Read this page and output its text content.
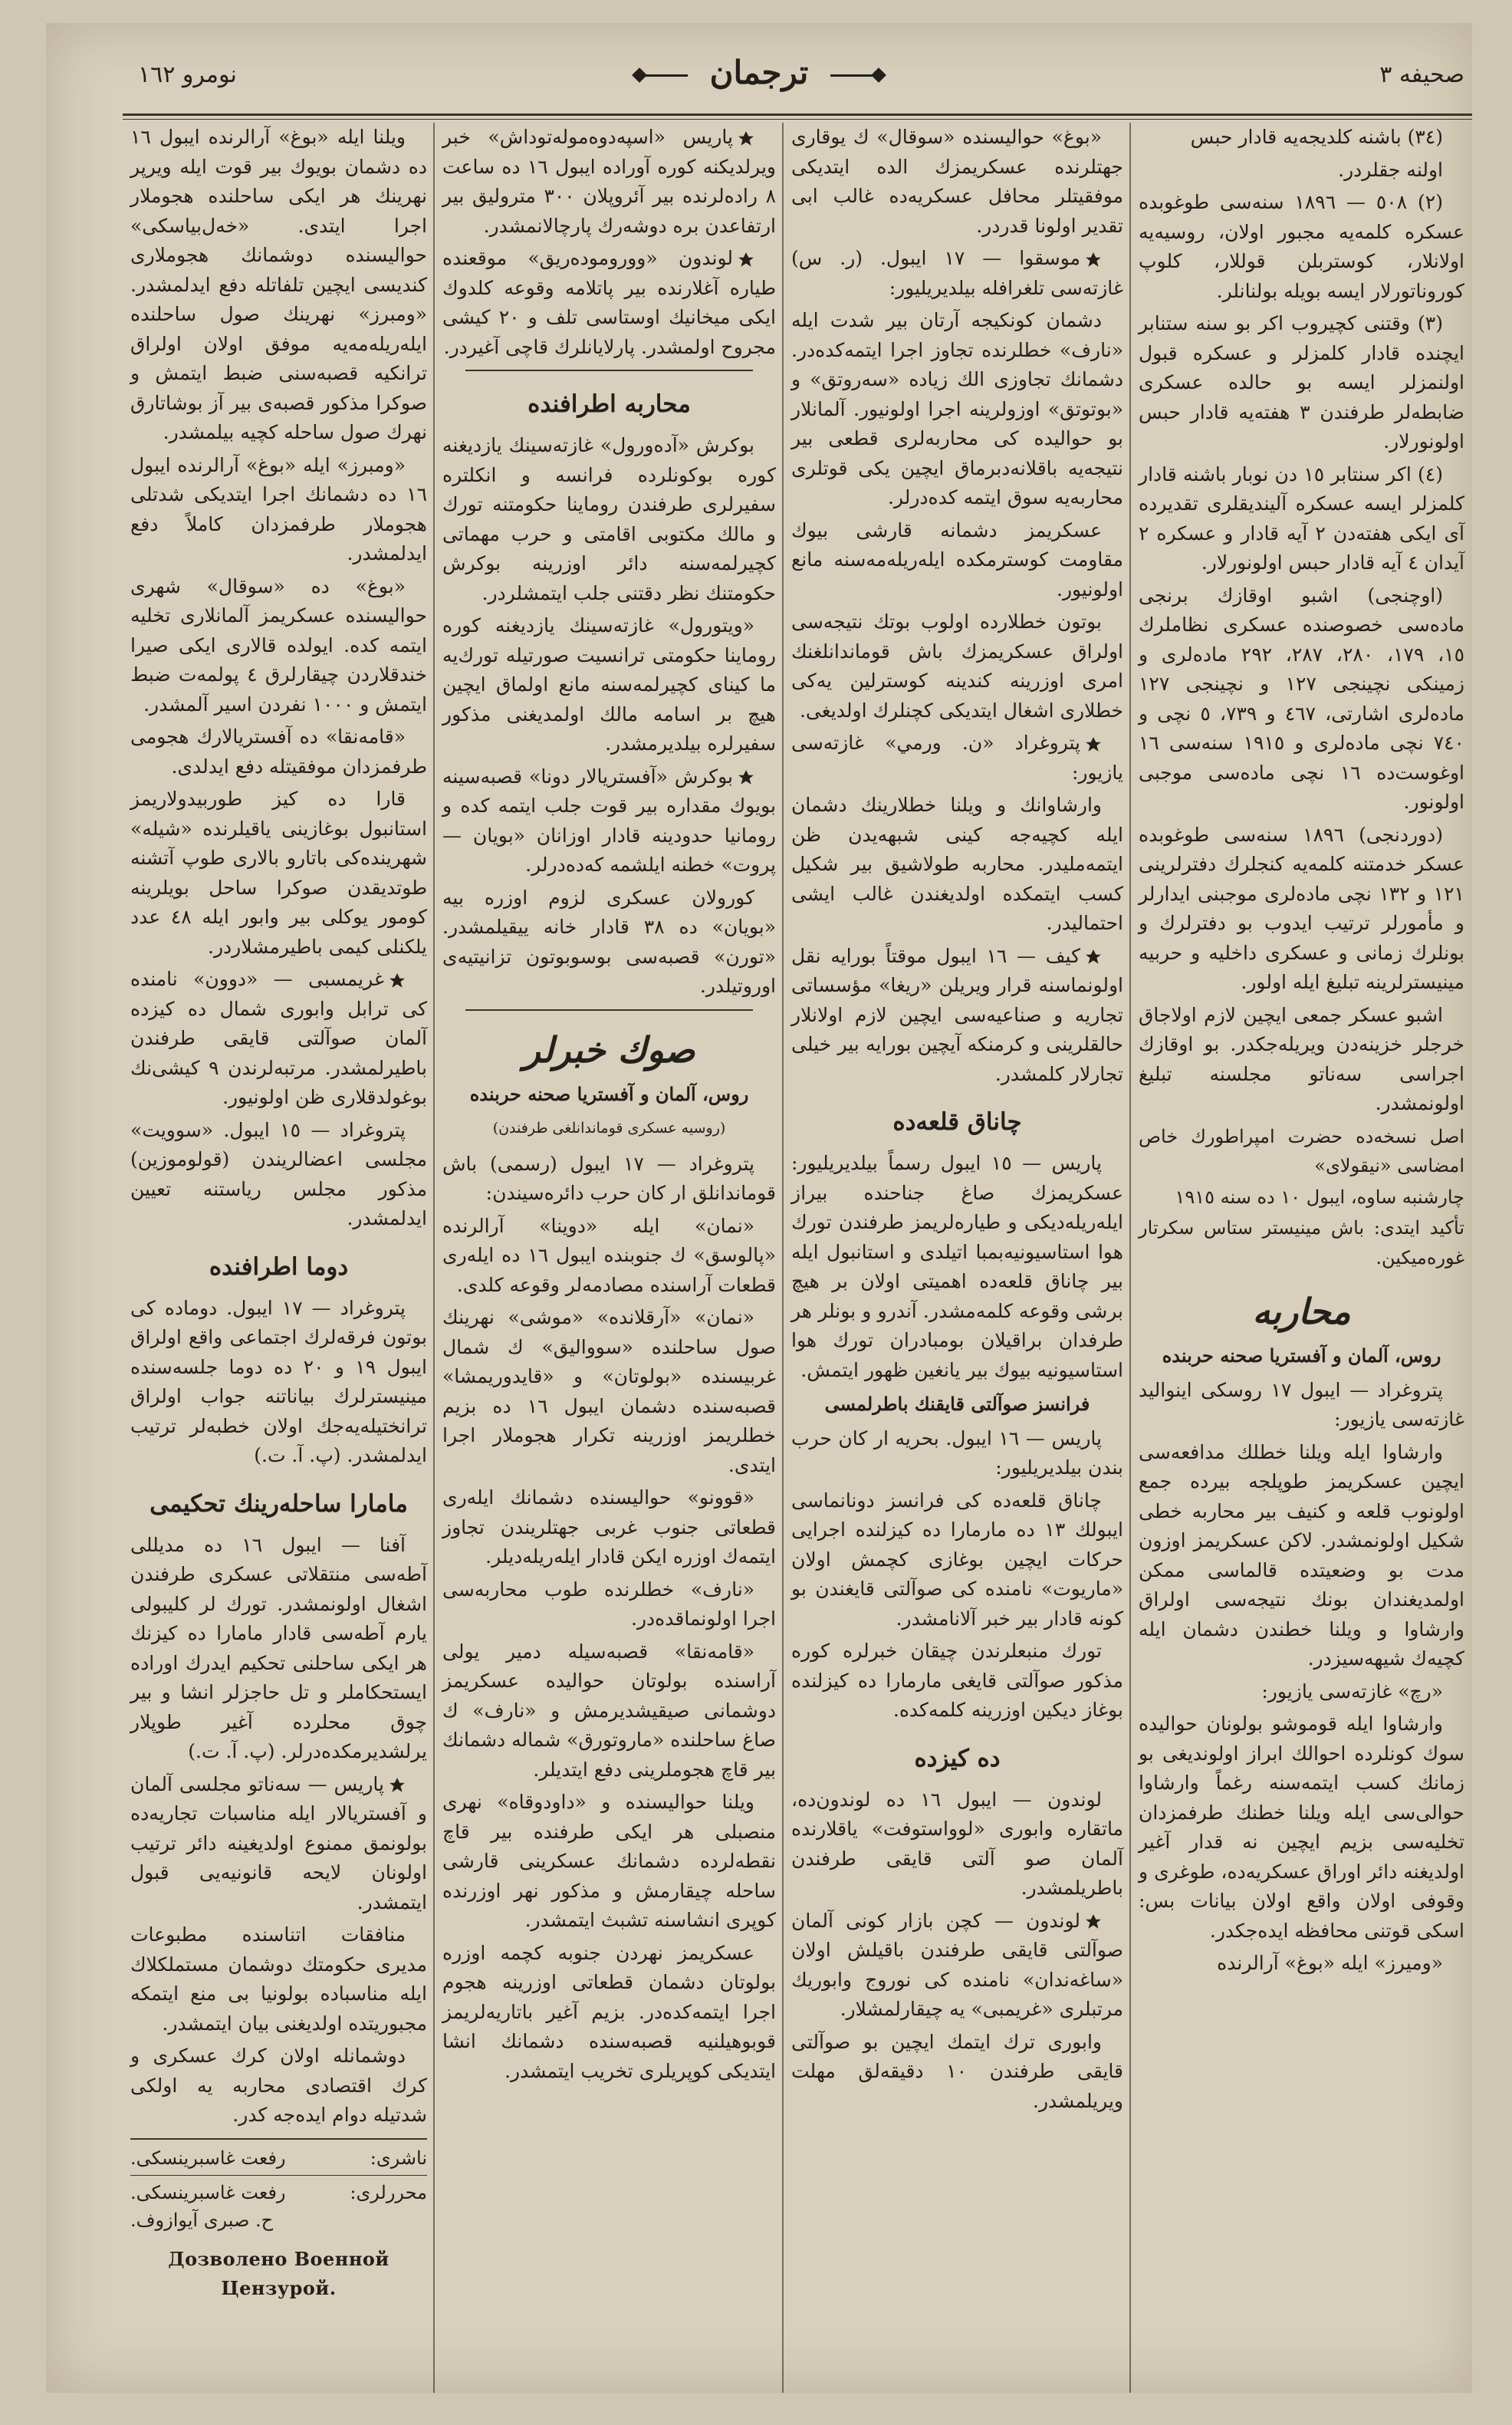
نومرو ١٦٢	ترجمان	صحيفه ٣
(٣٤) باشنه كلديجه‌يه قادار حبس
اولنه جقلردر.
(٢) ٥٠٨ — ١٨٩٦ سنه‌سى طوغوبده عسكره كلمه‌يه مجبور اولان، روسيه‌يه اولانلار، كوستربلن قوللار، كلوپ كوروناتورلار ايسه بويله بولنانلر.
(٣) وقتنى كچيروب اكر بو سنه ستنابر ايچنده قادار كلمزلر و عسكره قبول اولنمزلر ايسه بو حالده عسكرى ضابطه‌لر طرفندن ٣ هفته‌يه قادار حبس اولونورلار.
(٤) اكر سنتابر ١٥ دن نوبار باشنه قادار كلمزلر ايسه عسكره آلينديقلرى تقديرده آى ايكى هفته‌دن ٢ آيه قادار و عسكره ٢ آيدان ٤ آيه قادار حبس اولونورلار.
(اوچنجى) اشبو اوقازك برنجى ماده‌سى خصوصنده عسكرى نظاملرك ١٥، ١٧٩، ٢٨٠، ٢٨٧، ٢٩٢ ماده‌لرى و زمينكى نچينجى ١٢٧ و نچينجى ١٢٧ ماده‌لرى اشارتى، ٤٦٧ و ٧٣٩، ٥ نچى و ٧٤٠ نچى ماده‌لرى و ١٩١٥ سنه‌سى ١٦ اوغوست‌ده ١٦ نچى ماده‌سى موجبى اولونور.
(دوردنجى) ١٨٩٦ سنه‌سى طوغوبده عسكر خدمتنه كلمه‌يه كنجلرك دفترلرينى ١٢١ و ١٣٢ نچى ماده‌لرى موجبنى ايدارلر و مأمورلر ترتيب ايدوب بو دفترلرك و بونلرك زمانى و عسكرى داخليه و حربيه مينيسترلرينه تبليغ ايله اولور.
اشبو عسكر جمعى ايچين لازم اولاجاق خرجلر خزينه‌دن ويريله‌جكدر. بو اوقازك اجراسى سه‌ناتو مجلسنه تبليغ اولونمشدر.
اصل نسخه‌ده حضرت امپراطورك خاص امضاسى «نيقولاى»
چارشنبه ساوه، ايبول ١٠ ده سنه ١٩١٥
تأكيد ايتدى: باش مينيستر ستاس سكرتار غوره‌ميكين.
محاربه
روس، آلمان و آفستريا صحنه حربنده
پتروغراد — ايبول ١٧ روسكى اينواليد غازته‌سى يازيور:
وارشاوا ايله ويلنا خطلك مدافعه‌سى ايچين عسكريمز طوپلجه بيرده جمع اولونوب قلعه و كنيف بير محاربه خطى شكيل اولونمشدر. لاكن عسكريمز اوزون مدت بو وضعيتده قالماسى ممكن اولمديغندان بونك نتيجه‌سى اولراق وارشاوا و ويلنا خطندن دشمان ايله كچيه‌ك شيهه‌سيزدر.
«رچ» غازته‌سى يازيور:
وارشاوا ايله قوموشو بولونان حواليده سوك كونلرده احوالك ابراز اولونديغى بو زمانك كسب ايتمه‌سنه رغماً وارشاوا حوالى‌سى ايله ويلنا خطنك طرفمزدان تخليه‌سى بزيم ايچين نه قدار آغير اولديغنه دائر اوراق عسكريه‌ده، طوغرى و وقوفى اولان واقع اولان بيانات بس: اسكى قوتنى محافظه ايده‌جكدر.
«وميرز» ايله «بوغ» آرالرنده
«بوغ» حواليسنده «سوقال» ك يوقارى جهتلرنده عسكريمزك الده ايتديكى موفقيتلر محافل عسكريه‌ده غالب ابى تقدير اولونا قدردر.
موسقوا — ١٧ ايبول. (ر. س) غازته‌سى تلغرافله بيلديريليور:
دشمان كونكيجه آرتان بير شدت ايله «نارف» خطلرنده تجاوز اجرا ايتمه‌كده‌در. دشمانك تجاوزى الك زياده «سه‌روتق» و «بوتوتق» اوزولرينه اجرا اولونيور. آلمانلار بو حواليده كى محاربه‌لرى قطعى بير نتيجه‌يه باقلانه‌دبرماق ايچين يكى قوتلرى محاربه‌يه سوق ايتمه كده‌درلر.
عسكريمز دشمانه قارشى بيوك مقاومت كوسترمكده ايله‌ريله‌مه‌سنه مانع اولونيور.
بوتون خطلارده اولوب بوتك نتيجه‌سى اولراق عسكريمزك باش قوماندانلغنك امرى اوزرينه كندينه كوسترلين يه‌كى خطلارى اشغال ايتديكى كچنلرك اولديغى.
پتروغراد «ن. ورمي» غازته‌سى يازيور:
وارشاوانك و ويلنا خطلارينك دشمان ايله كچيه‌جه كينى شبهه‌يدن ظن ايتمه‌مليدر. محاربه طولاشيق بير شكيل كسب ايتمكده اولديغندن غالب ايشى احتماليدر.
كيف — ١٦ ايبول موقتاً بورايه نقل اولونماسنه قرار ويريلن «ريغا» مؤسساتى تجاريه و صناعيه‌سى ايچين لازم اولانلار حالقلرينى و كرمنكه آيچين بورايه بير خيلى تجارلار كلمشدر.
چاناق قلعه‌ده
پاريس — ١٥ ايبول رسماً بيلديريليور: عسكريمزك صاغ جناحنده بيراز ايله‌ريله‌ديكى و طياره‌لريمز طرفندن تورك هوا استاسيونيه‌بمبا اتيلدى و استانبول ايله بير چاناق قلعه‌ده اهميتى اولان بر هيچ برشى وقوعه كلمه‌مشدر. آندرو و بونلر هر طرفدان براقيلان بومبادران تورك هوا استاسيونيه بيوك بير يانغين ظهور ايتمش.
فرانسز صوآلتى قايقنك باطرلمسى
پاريس — ١٦ ايبول. بحريه ار كان حرب بندن بيلديريليور:
چاناق قلعه‌ده كى فرانسز دونانماسى ايبولك ١٣ ده مارمارا ده كيزلنده اجرايى حركات ايچين بوغازى كچمش اولان «ماريوت» نامنده كى صوآلتى قايغندن بو كونه قادار بير خبر آلانامشدر.
تورك منبعلرندن چيقان خبرلره كوره مذكور صوآلتى قايغى مارمارا ده كيزلنده بوغاز ديكين اوزرينه كلمه‌كده.
ده كيزده
لوندون — ايبول ١٦ ده لوندون‌ده، ماتقاره وابورى «لوواستوفت» ياقلارنده آلمان صو آلتى قايقى طرفندن باطريلمشدر.
لوندون — كچن بازار كونى آلمان صوآلتى قايقى طرفندن باقيلش اولان «ساغه‌ندان» نامنده كى نوروج وابوريك مرتبلرى «غريمبى» يه چيقارلمشلار.
وابورى ترك ايتمك ايچين بو صوآلتى قايقى طرفندن ١٠ دقيقه‌لق مهلت ويريلمشدر.
پاريس «اسپه‌دوه‌موله‌توداش» خبر ويرلديكنه كوره آوراده ايبول ١٦ ده ساعت ٨ راده‌لرنده بير آئروپلان ٣٠٠ متروليق بير ارتفاعدن بره دوشه‌رك پارچالانمشدر.
لوندون «ووروموده‌ريق» موقعنده طياره آغلارنده بير پاتلامه وقوعه كلدوك ايكى ميخانيك اوستاسى تلف و ٢٠ كيشى مجروح اولمشدر. پارلايانلرك قاچى آغيردر.
محاربه اطرافنده
بوكرش «آده‌ورول» غازته‌سينك يازديغنه كوره بوكونلرده فرانسه و انكلتره سفيرلرى طرفندن روماينا حكومتنه تورك و مالك مكتوبى اقامتى و حرب مهماتى كچيرلمه‌سنه دائر اوزرينه بوكرش حكومتنك نظر دقتنى جلب ايتمشلردر.
«ويتورول» غازته‌سينك يازديغنه كوره روماينا حكومتى ترانسيت صورتيله تورك‌يه ما كيناى كچيرلمه‌سنه مانع اولماق ايچين هيچ بر اسامه مالك اولمديغنى مذكور سفيرلره بيلديرمشدر.
بوكرش «آفستريالار دونا» قصبه‌سينه بويوك مقداره بير قوت جلب ايتمه كده و رومانيا حدودينه قادار اوزانان «بويان — پروت» خطنه ايلشمه كه‌ده‌درلر.
كورولان عسكرى لزوم اوزره بيه «بويان» ده ٣٨ قادار خانه ييقيلمشدر. «تورن» قصبه‌سى بوسوبوتون تزانيتيه‌ى اوروتيلدر.
صوك خبرلر
روس، آلمان و آفستريا صحنه حربنده
(روسيه عسكرى قوماندانلغى طرفندن)
پتروغراد — ١٧ ايبول (رسمى) باش قوماندانلق ار كان حرب دائره‌سيندن:
«نمان» ايله «دوينا» آرالرنده «پالوسق» ك جنوبنده ايبول ١٦ ده ايله‌رى قطعات آراسنده مصادمه‌لر وقوعه كلدى.
«نمان» «آرقلانده» «موشى» نهرينك صول ساحلنده «سوواليق» ك شمال غربيسنده «بولوتان» و «قايدوريمشا» قصبه‌سنده دشمان ايبول ١٦ ده بزيم خطلريمز اوزرينه تكرار هجوملار اجرا ايتدى.
«قوونو» حواليسنده دشمانك ايله‌رى قطعاتى جنوب غربى جهتلريندن تجاوز ايتمه‌ك اوزره ايكن قادار ايله‌ريله‌ديلر.
«نارف» خطلرنده طوب محاربه‌سى اجرا اولونماقده‌در.
«قامه‌نقا» قصبه‌سيله دمير يولى آراسنده بولوتان حواليده عسكريمز دوشمانى صيقيشديرمش و «نارف» ك صاغ ساحلنده «ماروتورق» شماله دشمانك بير قاچ هجوملرينى دفع ايتديلر.
ويلنا حواليسنده و «داودوقاه» نهرى منصبلى هر ايكى طرفنده بير قاچ نقطه‌لرده دشمانك عسكرينى قارشى ساحله چيقارمش و مذكور نهر اوزرنده كوپرى انشاسنه تشبث ايتمشدر.
عسكريمز نهردن جنوبه كچمه اوزره بولوتان دشمان قطعاتى اوزرينه هجوم اجرا ايتمه‌كده‌در. بزيم آغير باتاريه‌لريمز قوبوهيلنيه قصبه‌سنده دشمانك انشا ايتديكى كوپريلرى تخريب ايتمشدر.
ويلنا ايله «بوغ» آرالرنده ايبول ١٦ ده دشمان بويوك بير قوت ايله ويرپر نهرينك هر ايكى ساحلنده هجوملار اجرا ايتدى. «خه‌ل‌بياسكى» حواليسنده دوشمانك هجوملارى كنديسى ايچين تلفاتله دفع ايدلمشدر. «ومبرز» نهرينك صول ساحلنده ايله‌ريله‌مه‌يه موفق اولان اولراق ترانكيه قصبه‌سنى ضبط ايتمش و صوكرا مذكور قصبه‌ى بير آز بوشاتارق نهرك صول ساحله كچيه بيلمشدر.
«ومبرز» ايله «بوغ» آرالرنده ايبول ١٦ ده دشمانك اجرا ايتديكى شدتلى هجوملار طرفمزدان كاملاً دفع ايدلمشدر.
«بوغ» ده «سوقال» شهرى حواليسنده عسكريمز آلمانلارى تخليه ايتمه كده. ايولده قالارى ايكى صيرا خندقلاردن چيقارلرق ٤ پولمه‌ت ضبط ايتمش و ١٠٠٠ نفردن اسير آلمشدر.
«قامه‌نقا» ده آفستريالارك هجومى طرفمزدان موفقيتله دفع ايدلدى.
قارا ده كيز طوربيدولاريمز استانبول بوغازينى ياقيلرنده «شيله» شهرينده‌كى باتارو بالارى طوپ آتشنه طوتديقدن صوكرا ساحل بويلرينه كومور يوكلى بير وابور ايله ٤٨ عدد يلكنلى كيمى باطيرمشلاردر.
غريمسبى — «دوون» نامنده كى ترابل وابورى شمال ده كيزده آلمان صوآلتى قايقى طرفندن باطيرلمشدر. مرتبه‌لرندن ٩ كيشى‌نك بوغولدقلارى ظن اولونيور.
پتروغراد — ١٥ ايبول. «سوويت» مجلسى اعضالريندن (قولوموزين) مذكور مجلس رياستنه تعيين ايدلمشدر.
دوما اطرافنده
پتروغراد — ١٧ ايبول. دوماده كى بوتون فرقه‌لرك اجتماعى واقع اولراق ايبول ١٩ و ٢٠ ده دوما جلسه‌سنده مينيسترلرك بياناتنه جواب اولراق ترانختيله‌يه‌جك اولان خطبه‌لر ترتيب ايدلمشدر. (پ. آ. ت.)
مامارا ساحله‌رينك تحكيمى
آفنا — ايبول ١٦ ده مديللى آطه‌سى منتقلاتى عسكرى طرفندن اشغال اولونمشدر. تورك لر كليبولى يارم آطه‌سى قادار مامارا ده كيزنك هر ايكى ساحلنى تحكيم ايدرك اوراده ايستحكاملر و تل حاجزلر انشا و بير چوق محلرده آغير طوپلار يرلشديرمكده‌درلر. (پ. آ. ت.)
پاريس — سه‌ناتو مجلسى آلمان و آفستريالار ايله مناسبات تجاريه‌ده بولونمق ممنوع اولديغينه دائر ترتيب اولونان لايحه قانونيه‌يى قبول ايتمشدر.
منافقات اتناسنده مطبوعات مديرى حكومتك دوشمان مستملكلاك ايله مناسباده بولونيا بى منع ايتمكه مجبوريتده اولديغنى بيان ايتمشدر.
دوشمانله اولان كرك عسكرى و كرك اقتصادى محاربه يه اولكى شدتيله دوام ايده‌جه كدر.
ناشرى:
رفعت غاسبرينسكى.
محررلرى:
رفعت غاسبرينسكى.
ح. صبرى آيوازوف.
Дозволено Военной Цензурой.
